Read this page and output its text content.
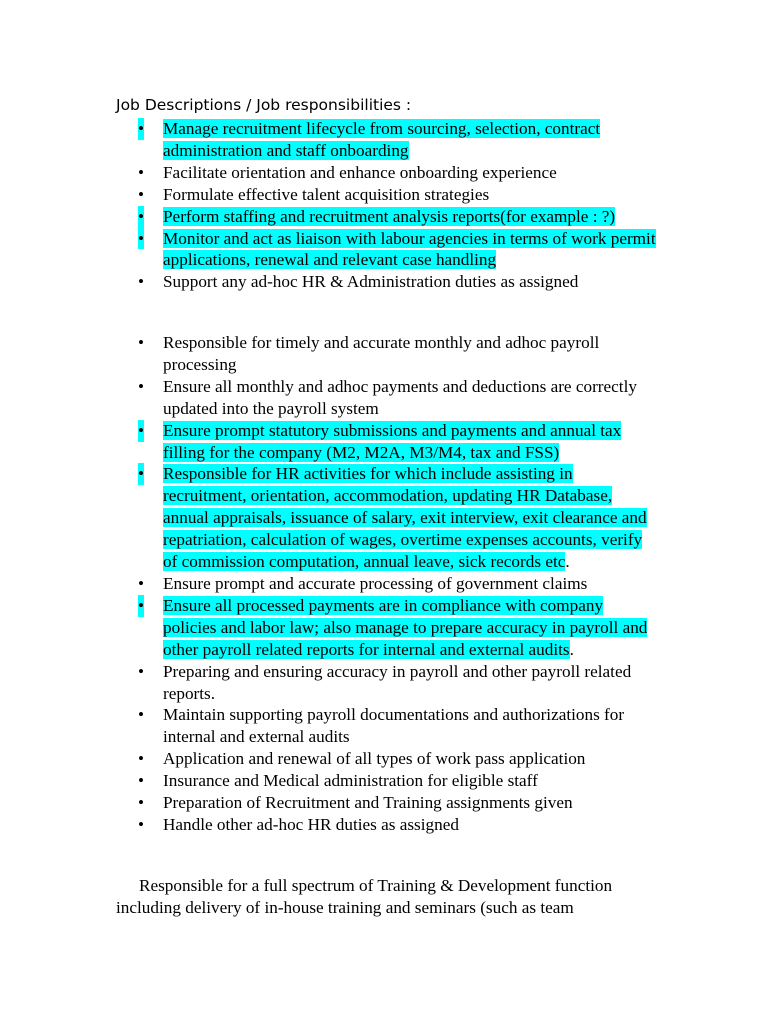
Job Descriptions / Job responsibilities :
• Manage recruitment lifecycle from sourcing, selection, contract administration and staff onboarding
• Facilitate orientation and enhance onboarding experience
• Formulate effective talent acquisition strategies
• Perform staffing and recruitment analysis reports(for example : ?)
• Monitor and act as liaison with labour agencies in terms of work permit applications, renewal and relevant case handling
• Support any ad-hoc HR & Administration duties as assigned
• Responsible for timely and accurate monthly and adhoc payroll processing
• Ensure all monthly and adhoc payments and deductions are correctly updated into the payroll system
• Ensure prompt statutory submissions and payments and annual tax filling for the company (M2, M2A, M3/M4, tax and FSS)
• Responsible for HR activities for which include assisting in recruitment, orientation, accommodation, updating HR Database, annual appraisals, issuance of salary, exit interview, exit clearance and repatriation, calculation of wages, overtime expenses accounts, verify of commission computation, annual leave, sick records etc.
• Ensure prompt and accurate processing of government claims
• Ensure all processed payments are in compliance with company policies and labor law; also manage to prepare accuracy in payroll and other payroll related reports for internal and external audits.
• Preparing and ensuring accuracy in payroll and other payroll related reports.
• Maintain supporting payroll documentations and authorizations for internal and external audits
• Application and renewal of all types of work pass application
• Insurance and Medical administration for eligible staff
• Preparation of Recruitment and Training assignments given
• Handle other ad-hoc HR duties as assigned

Responsible for a full spectrum of Training & Development function including delivery of in-house training and seminars (such as team
